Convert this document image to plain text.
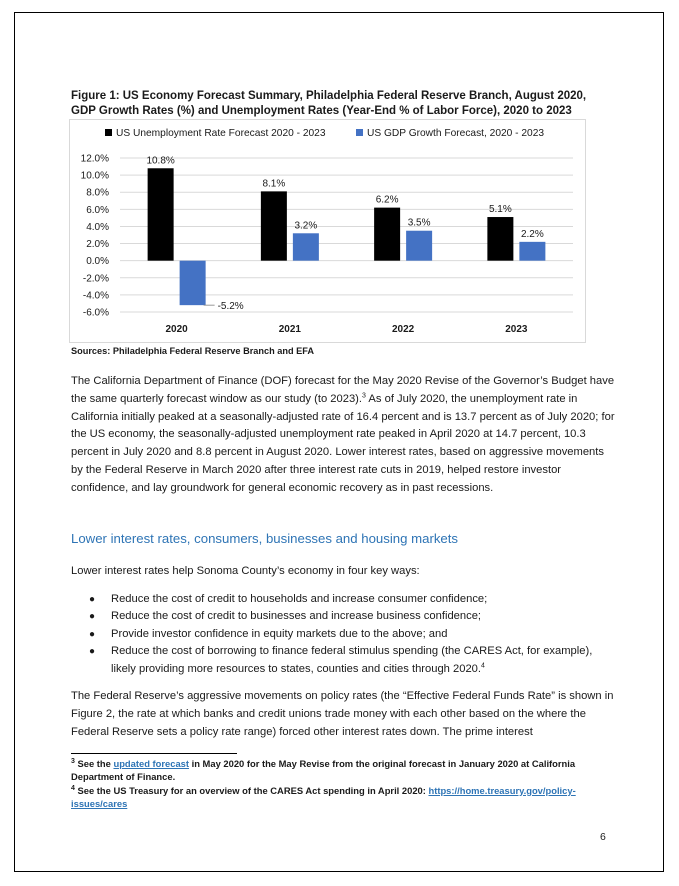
Figure 1: US Economy Forecast Summary, Philadelphia Federal Reserve Branch, August 2020, GDP Growth Rates (%) and Unemployment Rates (Year-End % of Labor Force), 2020 to 2023
US Unemployment Rate Forecast 2020 - 2023	US GDP Growth Forecast, 2020 - 2023
12.0%
10.0%
8.0%
6.0%
4.0%
2.0%
0.0%
-2.0%
-4.0%
-6.0%
10.8%
-5.2%
8.1%
3.2%
6.2%
3.5%
5.1%
2.2%
2020	2021	2022	2023
Sources: Philadelphia Federal Reserve Branch and EFA

The California Department of Finance (DOF) forecast for the May 2020 Revise of the Governor’s Budget have the same quarterly forecast window as our study (to 2023).$^3$ As of July 2020, the unemployment rate in California initially peaked at a seasonally-adjusted rate of 16.4 percent and is 13.7 percent as of July 2020; for the US economy, the seasonally-adjusted unemployment rate peaked in April 2020 at 14.7 percent, 10.3 percent in July 2020 and 8.8 percent in August 2020. Lower interest rates, based on aggressive movements by the Federal Reserve in March 2020 after three interest rate cuts in 2019, helped restore investor confidence, and lay groundwork for general economic recovery as in past recessions.

Lower interest rates, consumers, businesses and housing markets

Lower interest rates help Sonoma County’s economy in four key ways:

● Reduce the cost of credit to households and increase consumer confidence;
● Reduce the cost of credit to businesses and increase business confidence;
● Provide investor confidence in equity markets due to the above; and
● Reduce the cost of borrowing to finance federal stimulus spending (the CARES Act, for example), likely providing more resources to states, counties and cities through 2020.$^4$

The Federal Reserve’s aggressive movements on policy rates (the “Effective Federal Funds Rate” is shown in Figure 2, the rate at which banks and credit unions trade money with each other based on the where the Federal Reserve sets a policy rate range) forced other interest rates down. The prime interest

$^3$ See the updated forecast in May 2020 for the May Revise from the original forecast in January 2020 at California Department of Finance.

$^4$ See the US Treasury for an overview of the CARES Act spending in April 2020: https://home.treasury.gov/policy-issues/cares

6
